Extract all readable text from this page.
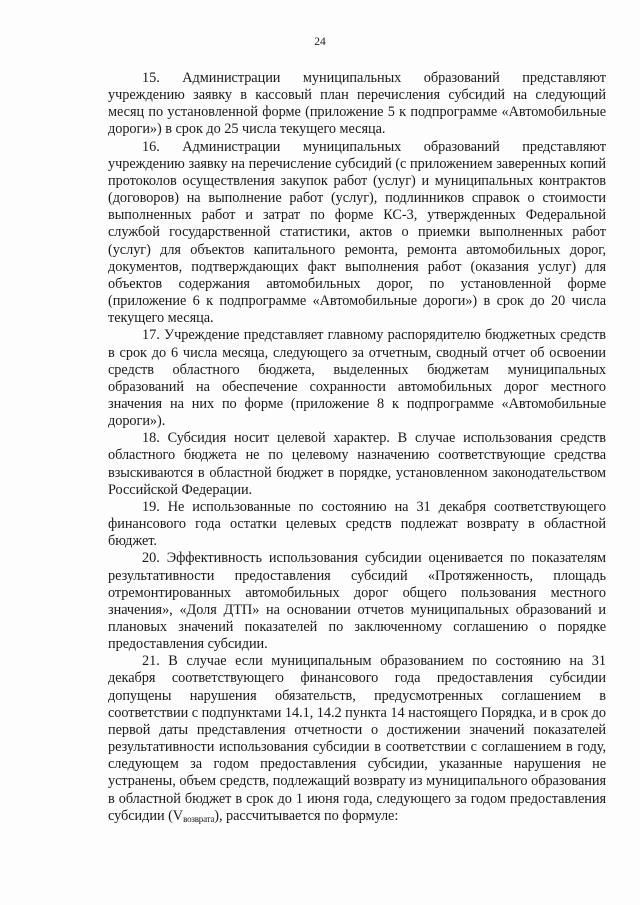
24

15. Администрации муниципальных образований представляют учреждению заявку в кассовый план перечисления субсидий на следующий месяц по установленной форме (приложение 5 к подпрограмме «Автомобильные дороги») в срок до 25 числа текущего месяца.

16. Администрации муниципальных образований представляют учреждению заявку на перечисление субсидий (с приложением заверенных копий протоколов осуществления закупок работ (услуг) и муниципальных контрактов (договоров) на выполнение работ (услуг), подлинников справок о стоимости выполненных работ и затрат по форме КС-3, утвержденных Федеральной службой государственной статистики, актов о приемки выполненных работ (услуг) для объектов капитального ремонта, ремонта автомобильных дорог, документов, подтверждающих факт выполнения работ (оказания услуг) для объектов содержания автомобильных дорог, по установленной форме (приложение 6 к подпрограмме «Автомобильные дороги») в срок до 20 числа текущего месяца.

17. Учреждение представляет главному распорядителю бюджетных средств в срок до 6 числа месяца, следующего за отчетным, сводный отчет об освоении средств областного бюджета, выделенных бюджетам муниципальных образований на обеспечение сохранности автомобильных дорог местного значения на них по форме (приложение 8 к подпрограмме «Автомобильные дороги»).

18. Субсидия носит целевой характер. В случае использования средств областного бюджета не по целевому назначению соответствующие средства взыскиваются в областной бюджет в порядке, установленном законодательством Российской Федерации.

19. Не использованные по состоянию на 31 декабря соответствующего финансового года остатки целевых средств подлежат возврату в областной бюджет.

20. Эффективность использования субсидии оценивается по показателям результативности предоставления субсидий «Протяженность, площадь отремонтированных автомобильных дорог общего пользования местного значения», «Доля ДТП» на основании отчетов муниципальных образований и плановых значений показателей по заключенному соглашению о порядке предоставления субсидии.

21. В случае если муниципальным образованием по состоянию на 31 декабря соответствующего финансового года предоставления субсидии допущены нарушения обязательств, предусмотренных соглашением в соответствии с подпунктами 14.1, 14.2 пункта 14 настоящего Порядка, и в срок до первой даты представления отчетности о достижении значений показателей результативности использования субсидии в соответствии с соглашением в году, следующем за годом предоставления субсидии, указанные нарушения не устранены, объем средств, подлежащий возврату из муниципального образования в областной бюджет в срок до 1 июня года, следующего за годом предоставления субсидии $(V_{возврата})$, рассчитывается по формуле:
